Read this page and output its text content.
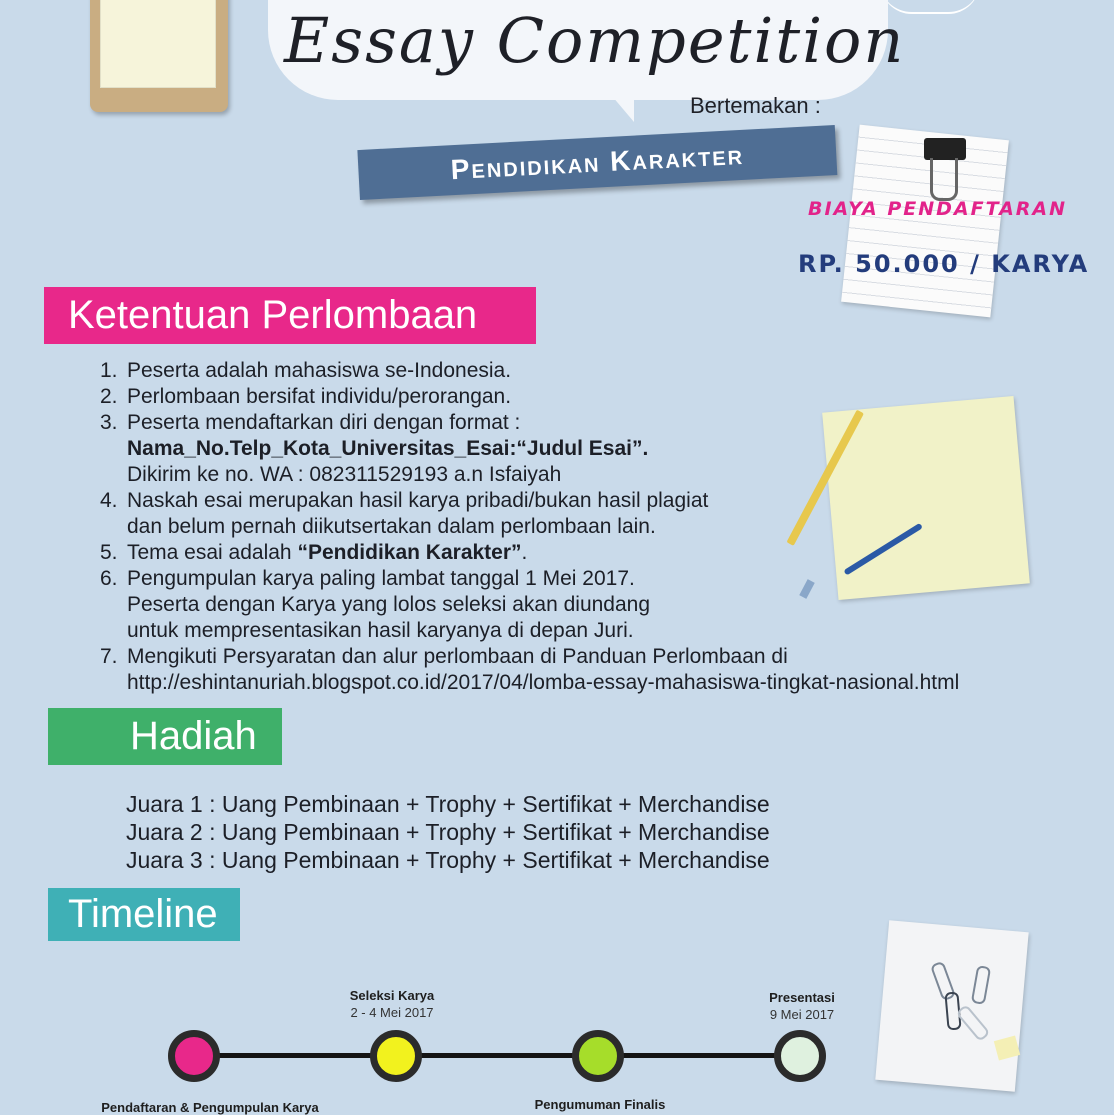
Essay Competition
Bertemakan :
Pendidikan Karakter
BIAYA PENDAFTARAN
RP. 50.000 / KARYA
Ketentuan Perlombaan
1. Peserta adalah mahasiswa se-Indonesia.
2. Perlombaan bersifat individu/perorangan.
3. Peserta mendaftarkan diri dengan format :
Nama_No.Telp_Kota_Universitas_Esai:“Judul Esai”.
Dikirim ke no. WA : 082311529193 a.n Isfaiyah
4. Naskah esai merupakan hasil karya pribadi/bukan hasil plagiat
dan belum pernah diikutsertakan dalam perlombaan lain.
5. Tema esai adalah “Pendidikan Karakter”.
6. Pengumpulan karya paling lambat tanggal 1 Mei 2017.
Peserta dengan Karya yang lolos seleksi akan diundang
untuk mempresentasikan hasil karyanya di depan Juri.
7. Mengikuti Persyaratan dan alur perlombaan di Panduan Perlombaan di
http://eshintanuriah.blogspot.co.id/2017/04/lomba-essay-mahasiswa-tingkat-nasional.html
Hadiah
Juara 1 : Uang Pembinaan + Trophy + Sertifikat + Merchandise
Juara 2 : Uang Pembinaan + Trophy + Sertifikat + Merchandise
Juara 3 : Uang Pembinaan + Trophy + Sertifikat + Merchandise
Timeline
Seleksi Karya
2 - 4 Mei 2017
Presentasi
9 Mei 2017
Pendaftaran & Pengumpulan Karya	Pengumuman Finalis
